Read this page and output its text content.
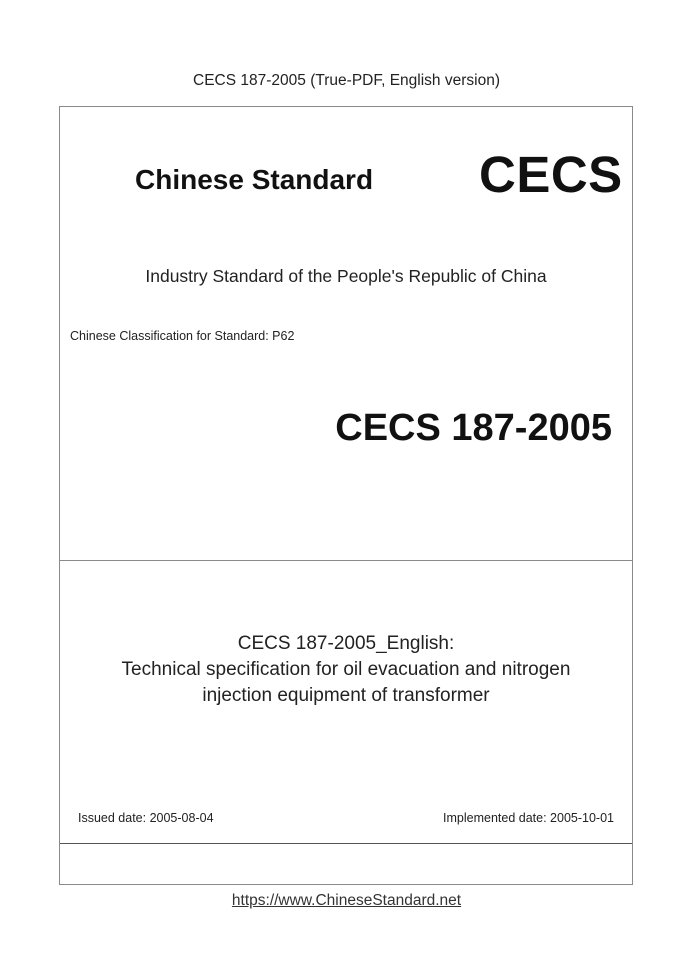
CECS 187-2005 (True-PDF, English version)
Chinese Standard CECS
Industry Standard of the People's Republic of China
Chinese Classification for Standard: P62
CECS 187-2005
CECS 187-2005_English:
Technical specification for oil evacuation and nitrogen
injection equipment of transformer
Issued date: 2005-08-04	Implemented date: 2005-10-01
https://www.ChineseStandard.net
